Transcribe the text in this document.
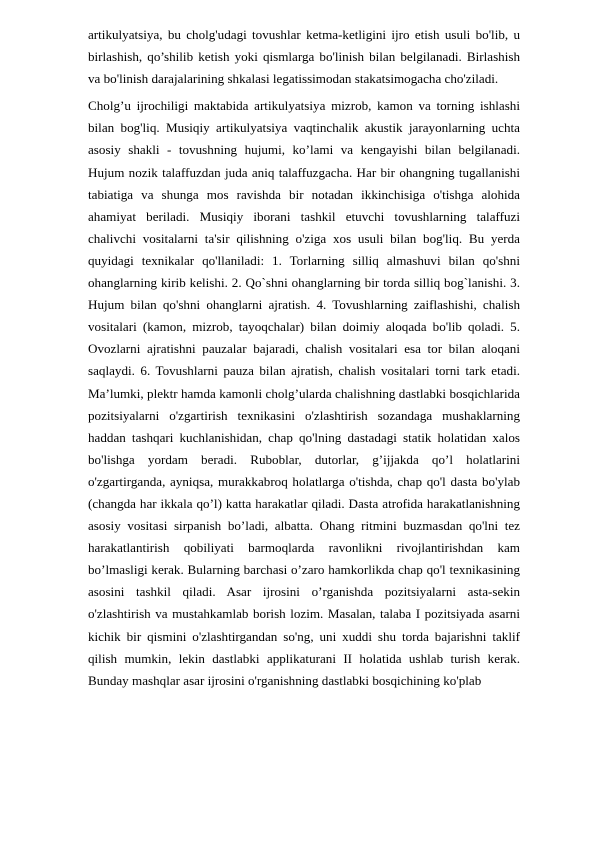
artikulyatsiya, bu cholg'udagi tovushlar ketma-ketligini ijro etish usuli bo'lib, u birlashish, qo’shilib ketish yoki qismlarga bo'linish bilan belgilanadi. Birlashish va bo'linish darajalarining shkalasi legatissimodan stakatsimogacha cho'ziladi.

Cholg’u ijrochiligi maktabida artikulyatsiya mizrob, kamon va torning ishlashi bilan bog'liq. Musiqiy artikulyatsiya vaqtinchalik akustik jarayonlarning uchta asosiy shakli - tovushning hujumi, ko’lami va kengayishi bilan belgilanadi. Hujum nozik talaffuzdan juda aniq talaffuzgacha. Har bir ohangning tugallanishi tabiatiga va shunga mos ravishda bir notadan ikkinchisiga o'tishga alohida ahamiyat beriladi. Musiqiy iborani tashkil etuvchi tovushlarning talaffuzi chalivchi vositalarni ta'sir qilishning o'ziga xos usuli bilan bog'liq. Bu yerda quyidagi texnikalar qo'llaniladi: 1. Torlarning silliq almashuvi bilan qo'shni ohanglarning kirib kelishi. 2. Qo`shni ohanglarning bir torda silliq bog`lanishi. 3. Hujum bilan qo'shni ohanglarni ajratish. 4. Tovushlarning zaiflashishi, chalish vositalari (kamon, mizrob, tayoqchalar) bilan doimiy aloqada bo'lib qoladi. 5. Ovozlarni ajratishni pauzalar bajaradi, chalish vositalari esa tor bilan aloqani saqlaydi. 6. Tovushlarni pauza bilan ajratish, chalish vositalari torni tark etadi. Ma’lumki, plektr hamda kamonli cholg’ularda chalishning dastlabki bosqichlarida pozitsiyalarni o'zgartirish texnikasini o'zlashtirish sozandaga mushaklarning haddan tashqari kuchlanishidan, chap qo'lning dastadagi statik holatidan xalos bo'lishga yordam beradi. Ruboblar, dutorlar, g’ijjakda qo’l holatlarini o'zgartirganda, ayniqsa, murakkabroq holatlarga o'tishda, chap qo'l dasta bo'ylab (changda har ikkala qo’l) katta harakatlar qiladi. Dasta atrofida harakatlanishning asosiy vositasi sirpanish bo’ladi, albatta. Ohang ritmini buzmasdan qo'lni tez harakatlantirish qobiliyati barmoqlarda ravonlikni rivojlantirishdan kam bo’lmasligi kerak. Bularning barchasi o’zaro hamkorlikda chap qo'l texnikasining asosini tashkil qiladi. Asar ijrosini o’rganishda pozitsiyalarni asta-sekin o'zlashtirish va mustahkamlab borish lozim. Masalan, talaba I pozitsiyada asarni kichik bir qismini o'zlashtirgandan so'ng, uni xuddi shu torda bajarishni taklif qilish mumkin, lekin dastlabki applikaturani II holatida ushlab turish kerak. Bunday mashqlar asar ijrosini o'rganishning dastlabki bosqichining ko'plab
